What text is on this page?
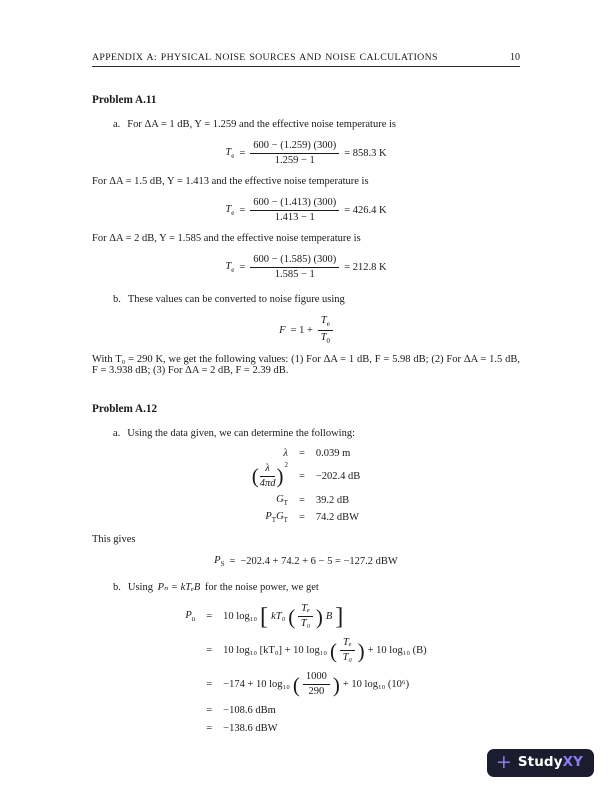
APPENDIX A: PHYSICAL NOISE SOURCES AND NOISE CALCULATIONS	10
Problem A.11
a. For ΔA = 1 dB, Y = 1.259 and the effective noise temperature is
$T_e = \frac{600 - (1.259) (300)}{1.259 - 1} = 858.3$ K
For ΔA = 1.5 dB, Y = 1.413 and the effective noise temperature is
$T_e = \frac{600 - (1.413) (300)}{1.413 - 1} = 426.4$ K
For ΔA = 2 dB, Y = 1.585 and the effective noise temperature is
$T_e = \frac{600 - (1.585) (300)}{1.585 - 1} = 212.8$ K
b. These values can be converted to noise figure using
$F = 1 + \frac{T_e}{T_0}$
With T₀ = 290 K, we get the following values: (1) For ΔA = 1 dB, F = 5.98 dB; (2) For ΔA = 1.5 dB, F = 3.938 dB; (3) For ΔA = 2 dB, F = 2.39 dB.
Problem A.12
a. Using the data given, we can determine the following:
λ = 0.039 m
( $\frac{\lambda}{4\pi d}$ ) 2
= −202.4 dB
$G_T = 39.2$ dB
$P_TG_T = 74.2$ dBW
This gives
$P_S = -202.4 + 74.2 + 6 - 5 = -127.2$ dBW
b. Using Pₙ = kTₑB for the noise power, we get
$P_n = 10$ log₁₀ [ kT₀ ( $\frac{\text{Tₑ}}{\text{T₀}}$ ) B ]
= 10 log₁₀ [kT₀] + 10 log₁₀ ( $\frac{\text{Tₑ}}{\text{T₀}}$ ) + 10 log₁₀ (B)
= −174 + 10 log₁₀ ( $\frac{1000}{290}$ ) + 10 log₁₀ (10⁶)
= −108.6 dBm
= −138.6 dBW
+ StudyXY
